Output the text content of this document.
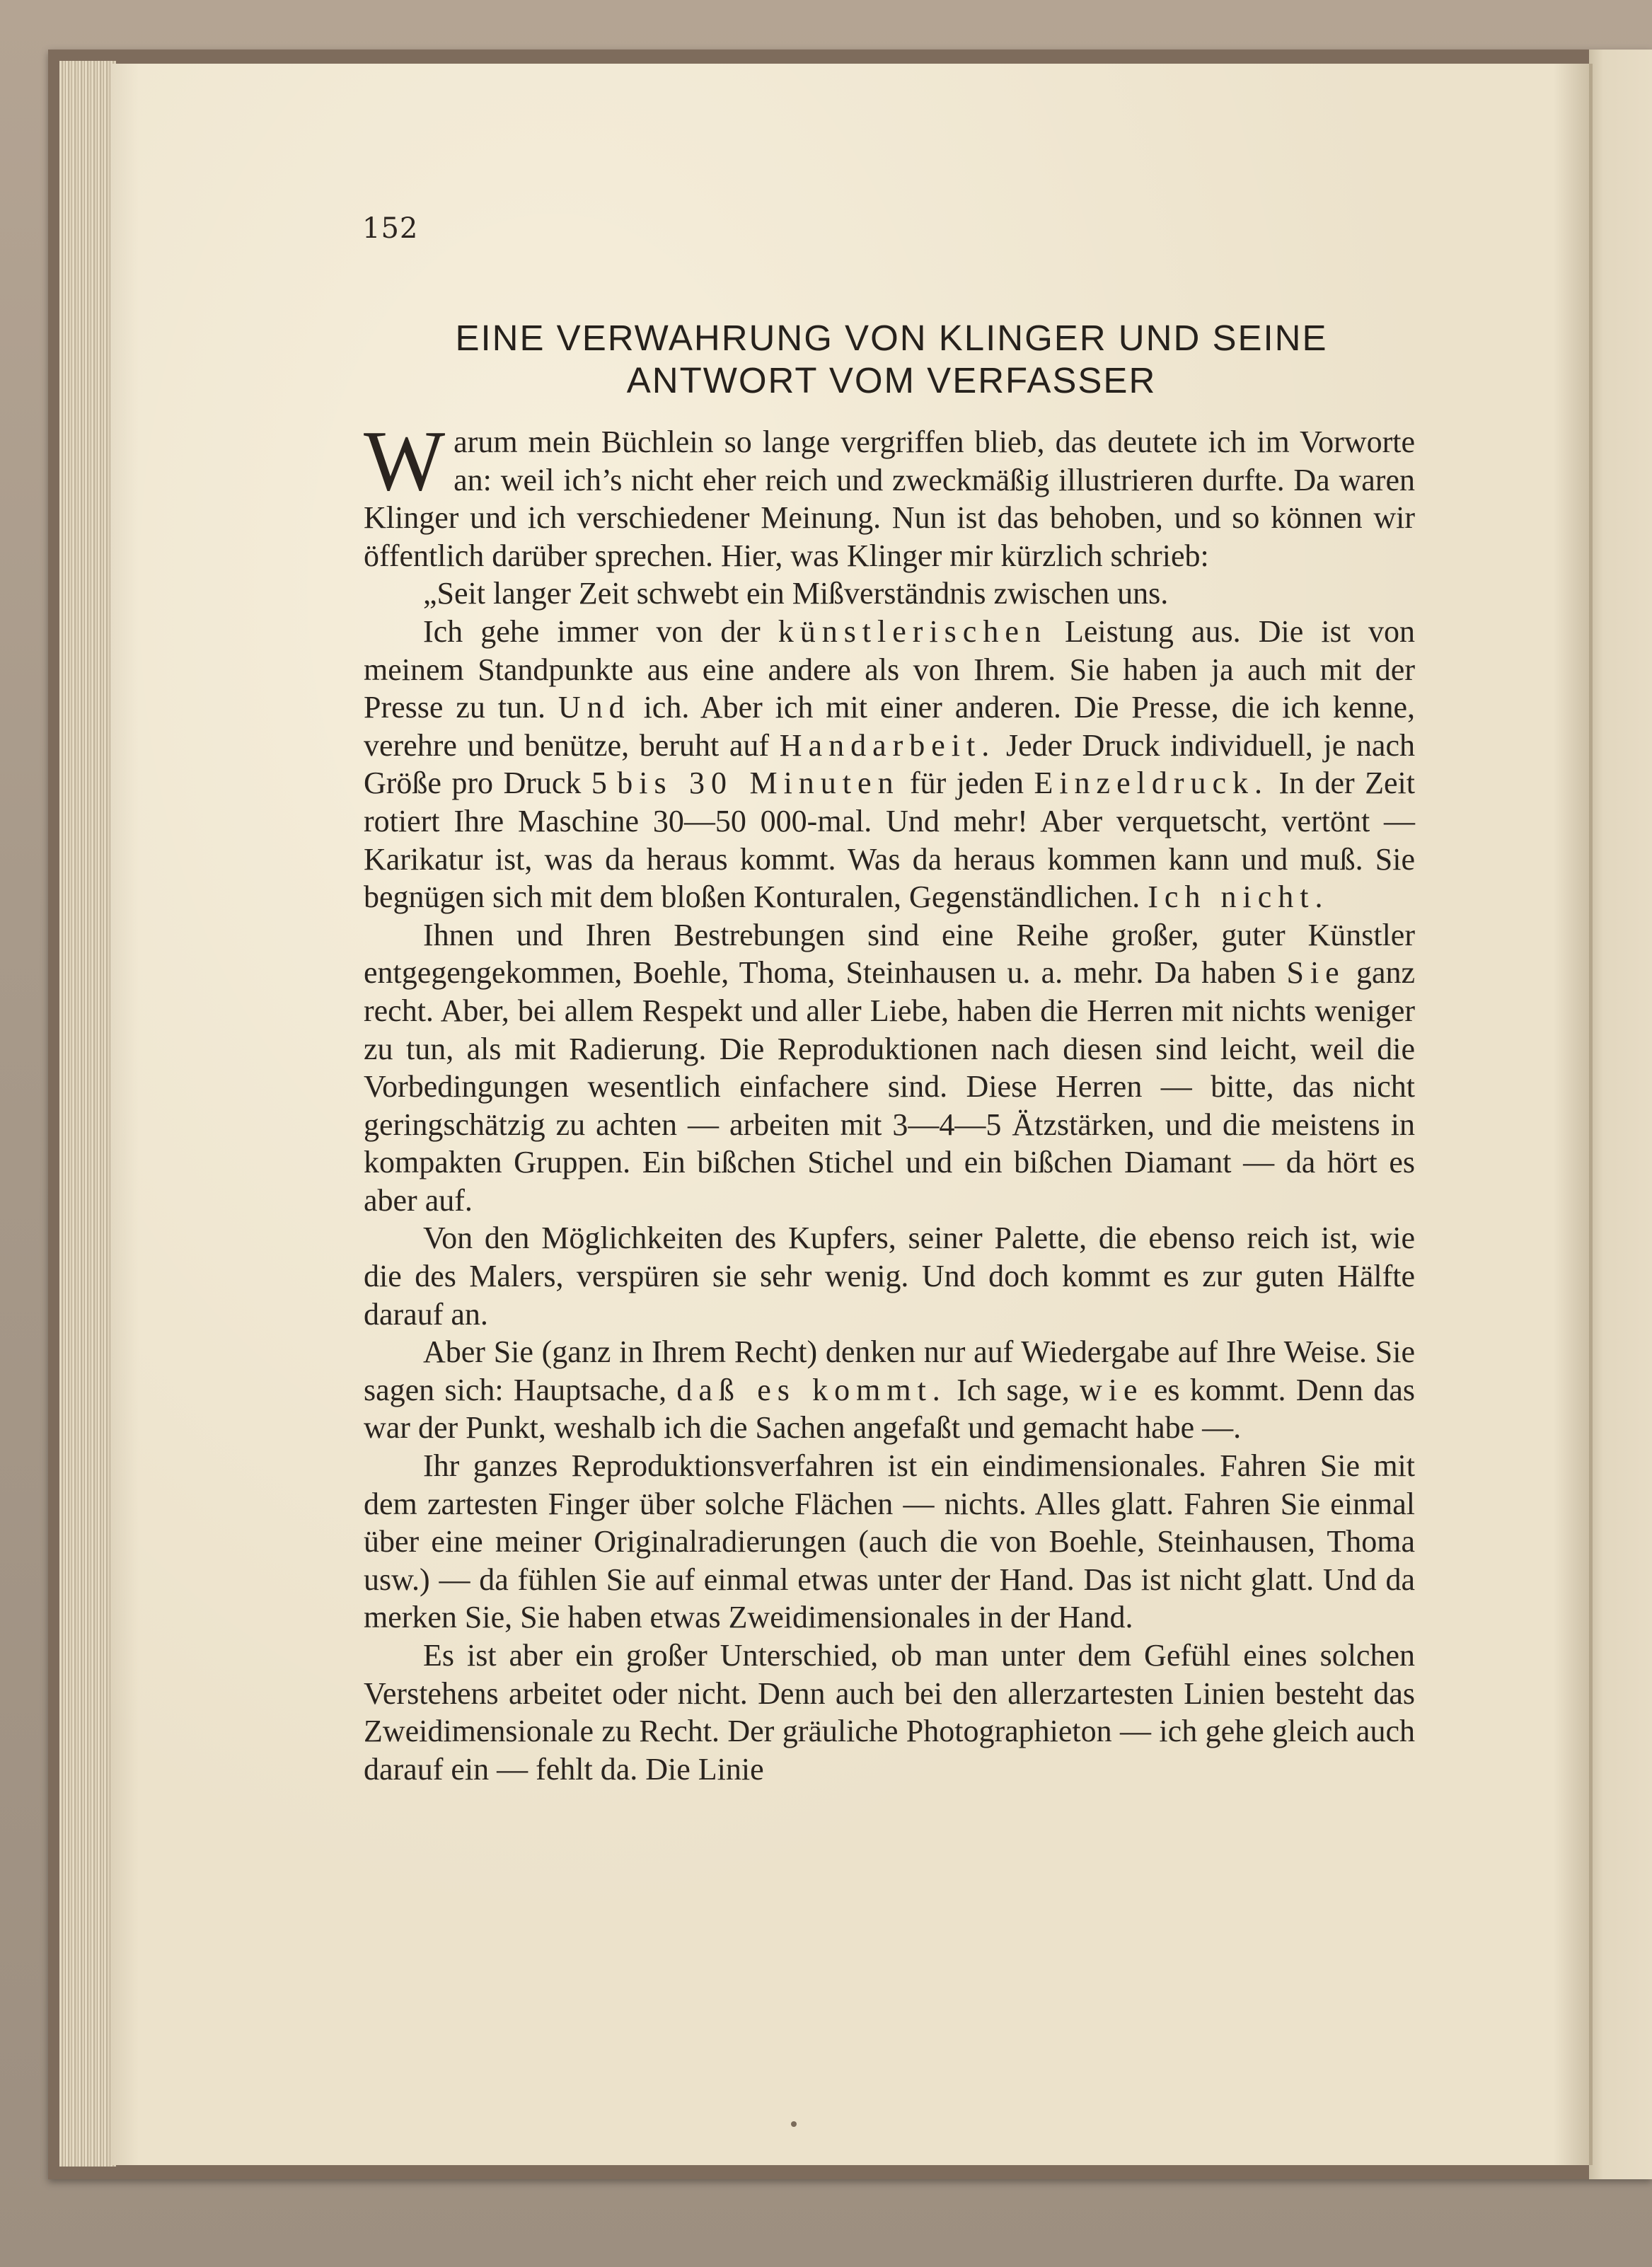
152
EINE VERWAHRUNG VON KLINGER UND SEINE
ANTWORT VOM VERFASSER

Warum mein Büchlein so lange vergriffen blieb, das deutete ich im Vorworte an: weil ich’s nicht eher reich und zweckmäßig illustrieren durfte. Da waren Klinger und ich verschiedener Meinung. Nun ist das behoben, und so können wir öffentlich darüber sprechen. Hier, was Klinger mir kürzlich schrieb:

„Seit langer Zeit schwebt ein Mißverständnis zwischen uns.

Ich gehe immer von der künstlerischen Leistung aus. Die ist von meinem Standpunkte aus eine andere als von Ihrem. Sie haben ja auch mit der Presse zu tun. Und ich. Aber ich mit einer anderen. Die Presse, die ich kenne, verehre und benütze, beruht auf Handarbeit. Jeder Druck individuell, je nach Größe pro Druck 5 bis 30 Minuten für jeden Einzeldruck. In der Zeit rotiert Ihre Maschine 30—50 000-mal. Und mehr! Aber verquetscht, vertönt — Karikatur ist, was da heraus kommt. Was da heraus kommen kann und muß. Sie begnügen sich mit dem bloßen Konturalen, Gegenständlichen. Ich nicht.

Ihnen und Ihren Bestrebungen sind eine Reihe großer, guter Künstler entgegengekommen, Boehle, Thoma, Steinhausen u. a. mehr. Da haben Sie ganz recht. Aber, bei allem Respekt und aller Liebe, haben die Herren mit nichts weniger zu tun, als mit Radierung. Die Reproduktionen nach diesen sind leicht, weil die Vorbedingungen wesentlich einfachere sind. Diese Herren — bitte, das nicht geringschätzig zu achten — arbeiten mit 3—4—5 Ätzstärken, und die meistens in kompakten Gruppen. Ein bißchen Stichel und ein bißchen Diamant — da hört es aber auf.

Von den Möglichkeiten des Kupfers, seiner Palette, die ebenso reich ist, wie die des Malers, verspüren sie sehr wenig. Und doch kommt es zur guten Hälfte darauf an.

Aber Sie (ganz in Ihrem Recht) denken nur auf Wiedergabe auf Ihre Weise. Sie sagen sich: Hauptsache, daß es kommt. Ich sage, wie es kommt. Denn das war der Punkt, weshalb ich die Sachen angefaßt und gemacht habe —.

Ihr ganzes Reproduktionsverfahren ist ein eindimensionales. Fahren Sie mit dem zartesten Finger über solche Flächen — nichts. Alles glatt. Fahren Sie einmal über eine meiner Originalradierungen (auch die von Boehle, Steinhausen, Thoma usw.) — da fühlen Sie auf einmal etwas unter der Hand. Das ist nicht glatt. Und da merken Sie, Sie haben etwas Zweidimensionales in der Hand.

Es ist aber ein großer Unterschied, ob man unter dem Gefühl eines solchen Verstehens arbeitet oder nicht. Denn auch bei den allerzartesten Linien besteht das Zweidimensionale zu Recht. Der gräuliche Photographieton — ich gehe gleich auch darauf ein — fehlt da. Die Linie
